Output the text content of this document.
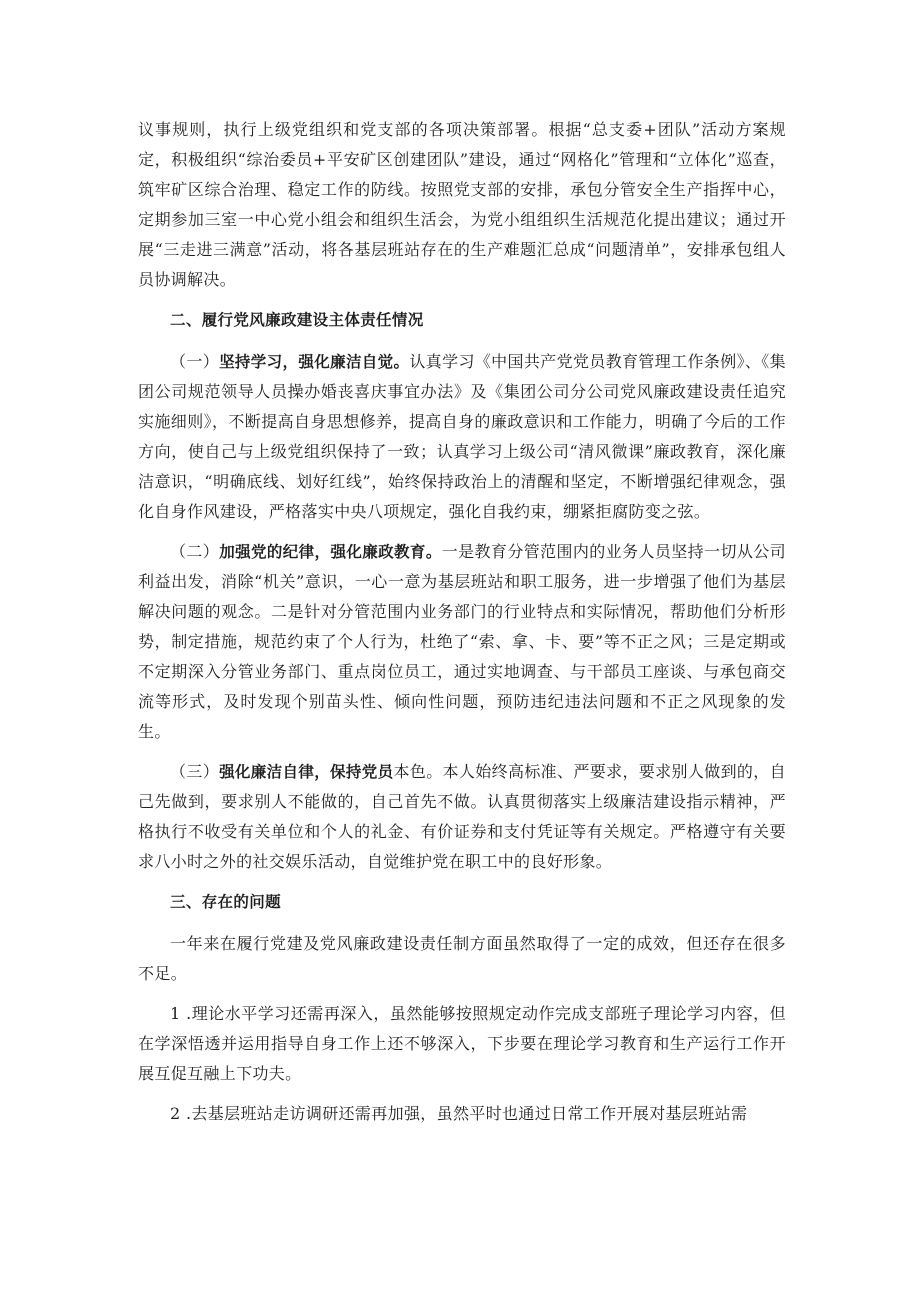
议事规则，执行上级党组织和党支部的各项决策部署。根据“总支委+团队”活动方案规定，积极组织“综治委员+平安矿区创建团队”建设，通过“网格化”管理和“立体化”巡查，筑牢矿区综合治理、稳定工作的防线。按照党支部的安排，承包分管安全生产指挥中心，定期参加三室一中心党小组会和组织生活会，为党小组组织生活规范化提出建议；通过开展“三走进三满意”活动，将各基层班站存在的生产难题汇总成“问题清单”，安排承包组人员协调解决。

二、履行党风廉政建设主体责任情况

（一）坚持学习，强化廉洁自觉。认真学习《中国共产党党员教育管理工作条例》、《集团公司规范领导人员操办婚丧喜庆事宜办法》及《集团公司分公司党风廉政建设责任追究实施细则》，不断提高自身思想修养，提高自身的廉政意识和工作能力，明确了今后的工作方向，使自己与上级党组织保持了一致；认真学习上级公司“清风微课”廉政教育，深化廉洁意识，“明确底线、划好红线”，始终保持政治上的清醒和坚定，不断增强纪律观念，强化自身作风建设，严格落实中央八项规定，强化自我约束，绷紧拒腐防变之弦。

（二）加强党的纪律，强化廉政教育。一是教育分管范围内的业务人员坚持一切从公司利益出发，消除“机关”意识，一心一意为基层班站和职工服务，进一步增强了他们为基层解决问题的观念。二是针对分管范围内业务部门的行业特点和实际情况，帮助他们分析形势，制定措施，规范约束了个人行为，杜绝了“索、拿、卡、要”等不正之风；三是定期或不定期深入分管业务部门、重点岗位员工，通过实地调查、与干部员工座谈、与承包商交流等形式，及时发现个别苗头性、倾向性问题，预防违纪违法问题和不正之风现象的发生。

（三）强化廉洁自律，保持党员本色。本人始终高标准、严要求，要求别人做到的，自己先做到，要求别人不能做的，自己首先不做。认真贯彻落实上级廉洁建设指示精神，严格执行不收受有关单位和个人的礼金、有价证券和支付凭证等有关规定。严格遵守有关要求八小时之外的社交娱乐活动，自觉维护党在职工中的良好形象。

三、存在的问题

一年来在履行党建及党风廉政建设责任制方面虽然取得了一定的成效，但还存在很多不足。

1 .理论水平学习还需再深入，虽然能够按照规定动作完成支部班子理论学习内容，但在学深悟透并运用指导自身工作上还不够深入，下步要在理论学习教育和生产运行工作开展互促互融上下功夫。

2 .去基层班站走访调研还需再加强，虽然平时也通过日常工作开展对基层班站需
